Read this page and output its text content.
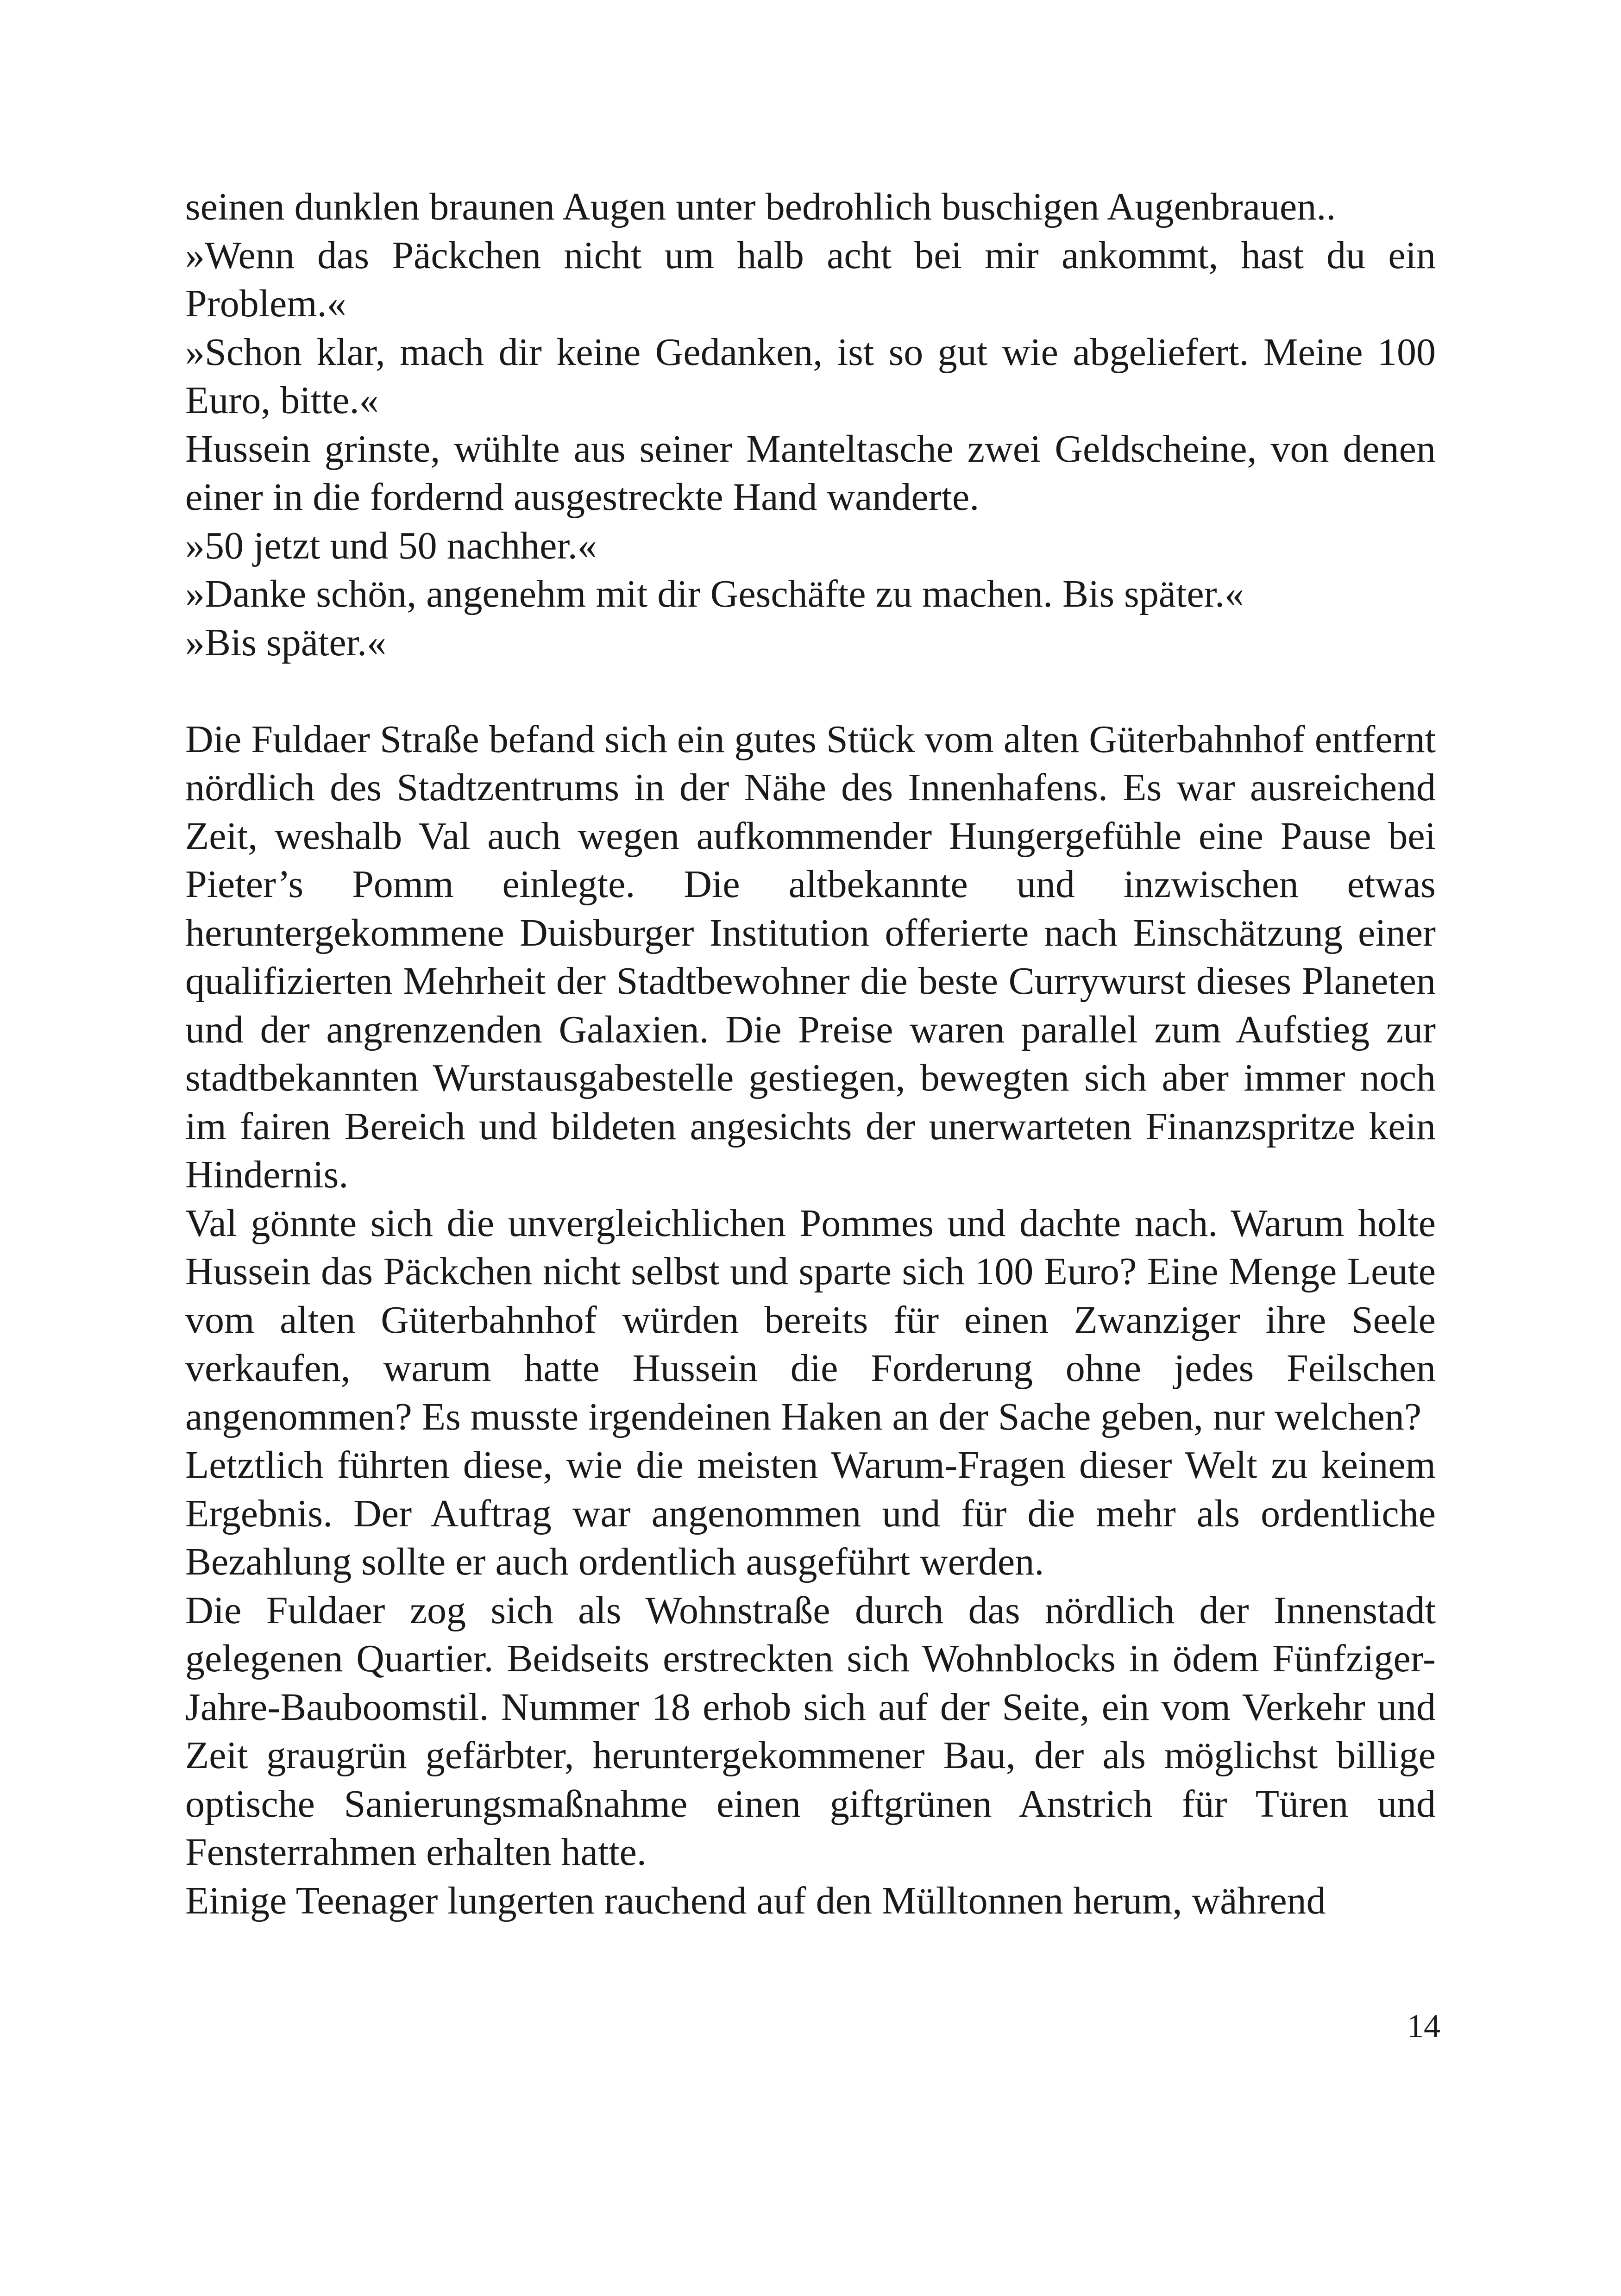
seinen dunklen braunen Augen unter bedrohlich buschigen Augenbrauen..

»Wenn das Päckchen nicht um halb acht bei mir ankommt, hast du ein Problem.«

»Schon klar, mach dir keine Gedanken, ist so gut wie abgeliefert. Meine 100 Euro, bitte.«

Hussein grinste, wühlte aus seiner Manteltasche zwei Geldscheine, von denen einer in die fordernd ausgestreckte Hand wanderte.

»50 jetzt und 50 nachher.«

»Danke schön, angenehm mit dir Geschäfte zu machen. Bis später.«

»Bis später.«

Die Fuldaer Straße befand sich ein gutes Stück vom alten Güterbahnhof entfernt nördlich des Stadtzentrums in der Nähe des Innenhafens. Es war ausreichend Zeit, weshalb Val auch wegen aufkommender Hungergefühle eine Pause bei Pieter’s Pomm einlegte. Die altbekannte und inzwischen etwas heruntergekommene Duisburger Institution offerierte nach Einschätzung einer qualifizierten Mehrheit der Stadtbewohner die beste Currywurst dieses Planeten und der angrenzenden Galaxien. Die Preise waren parallel zum Aufstieg zur stadtbekannten Wurstausgabestelle gestiegen, bewegten sich aber immer noch im fairen Bereich und bildeten angesichts der unerwarteten Finanzspritze kein Hindernis.

Val gönnte sich die unvergleichlichen Pommes und dachte nach. Warum holte Hussein das Päckchen nicht selbst und sparte sich 100 Euro? Eine Menge Leute vom alten Güterbahnhof würden bereits für einen Zwanziger ihre Seele verkaufen, warum hatte Hussein die Forderung ohne jedes Feilschen angenommen? Es musste irgendeinen Haken an der Sache geben, nur welchen?

Letztlich führten diese, wie die meisten Warum-Fragen dieser Welt zu keinem Ergebnis. Der Auftrag war angenommen und für die mehr als ordentliche Bezahlung sollte er auch ordentlich ausgeführt werden.

Die Fuldaer zog sich als Wohnstraße durch das nördlich der Innenstadt gelegenen Quartier. Beidseits erstreckten sich Wohnblocks in ödem Fünfziger-Jahre-Bauboomstil. Nummer 18 erhob sich auf der Seite, ein vom Verkehr und Zeit graugrün gefärbter, heruntergekommener Bau, der als möglichst billige optische Sanierungsmaßnahme einen giftgrünen Anstrich für Türen und Fensterrahmen erhalten hatte.

Einige Teenager lungerten rauchend auf den Mülltonnen herum, während

14
